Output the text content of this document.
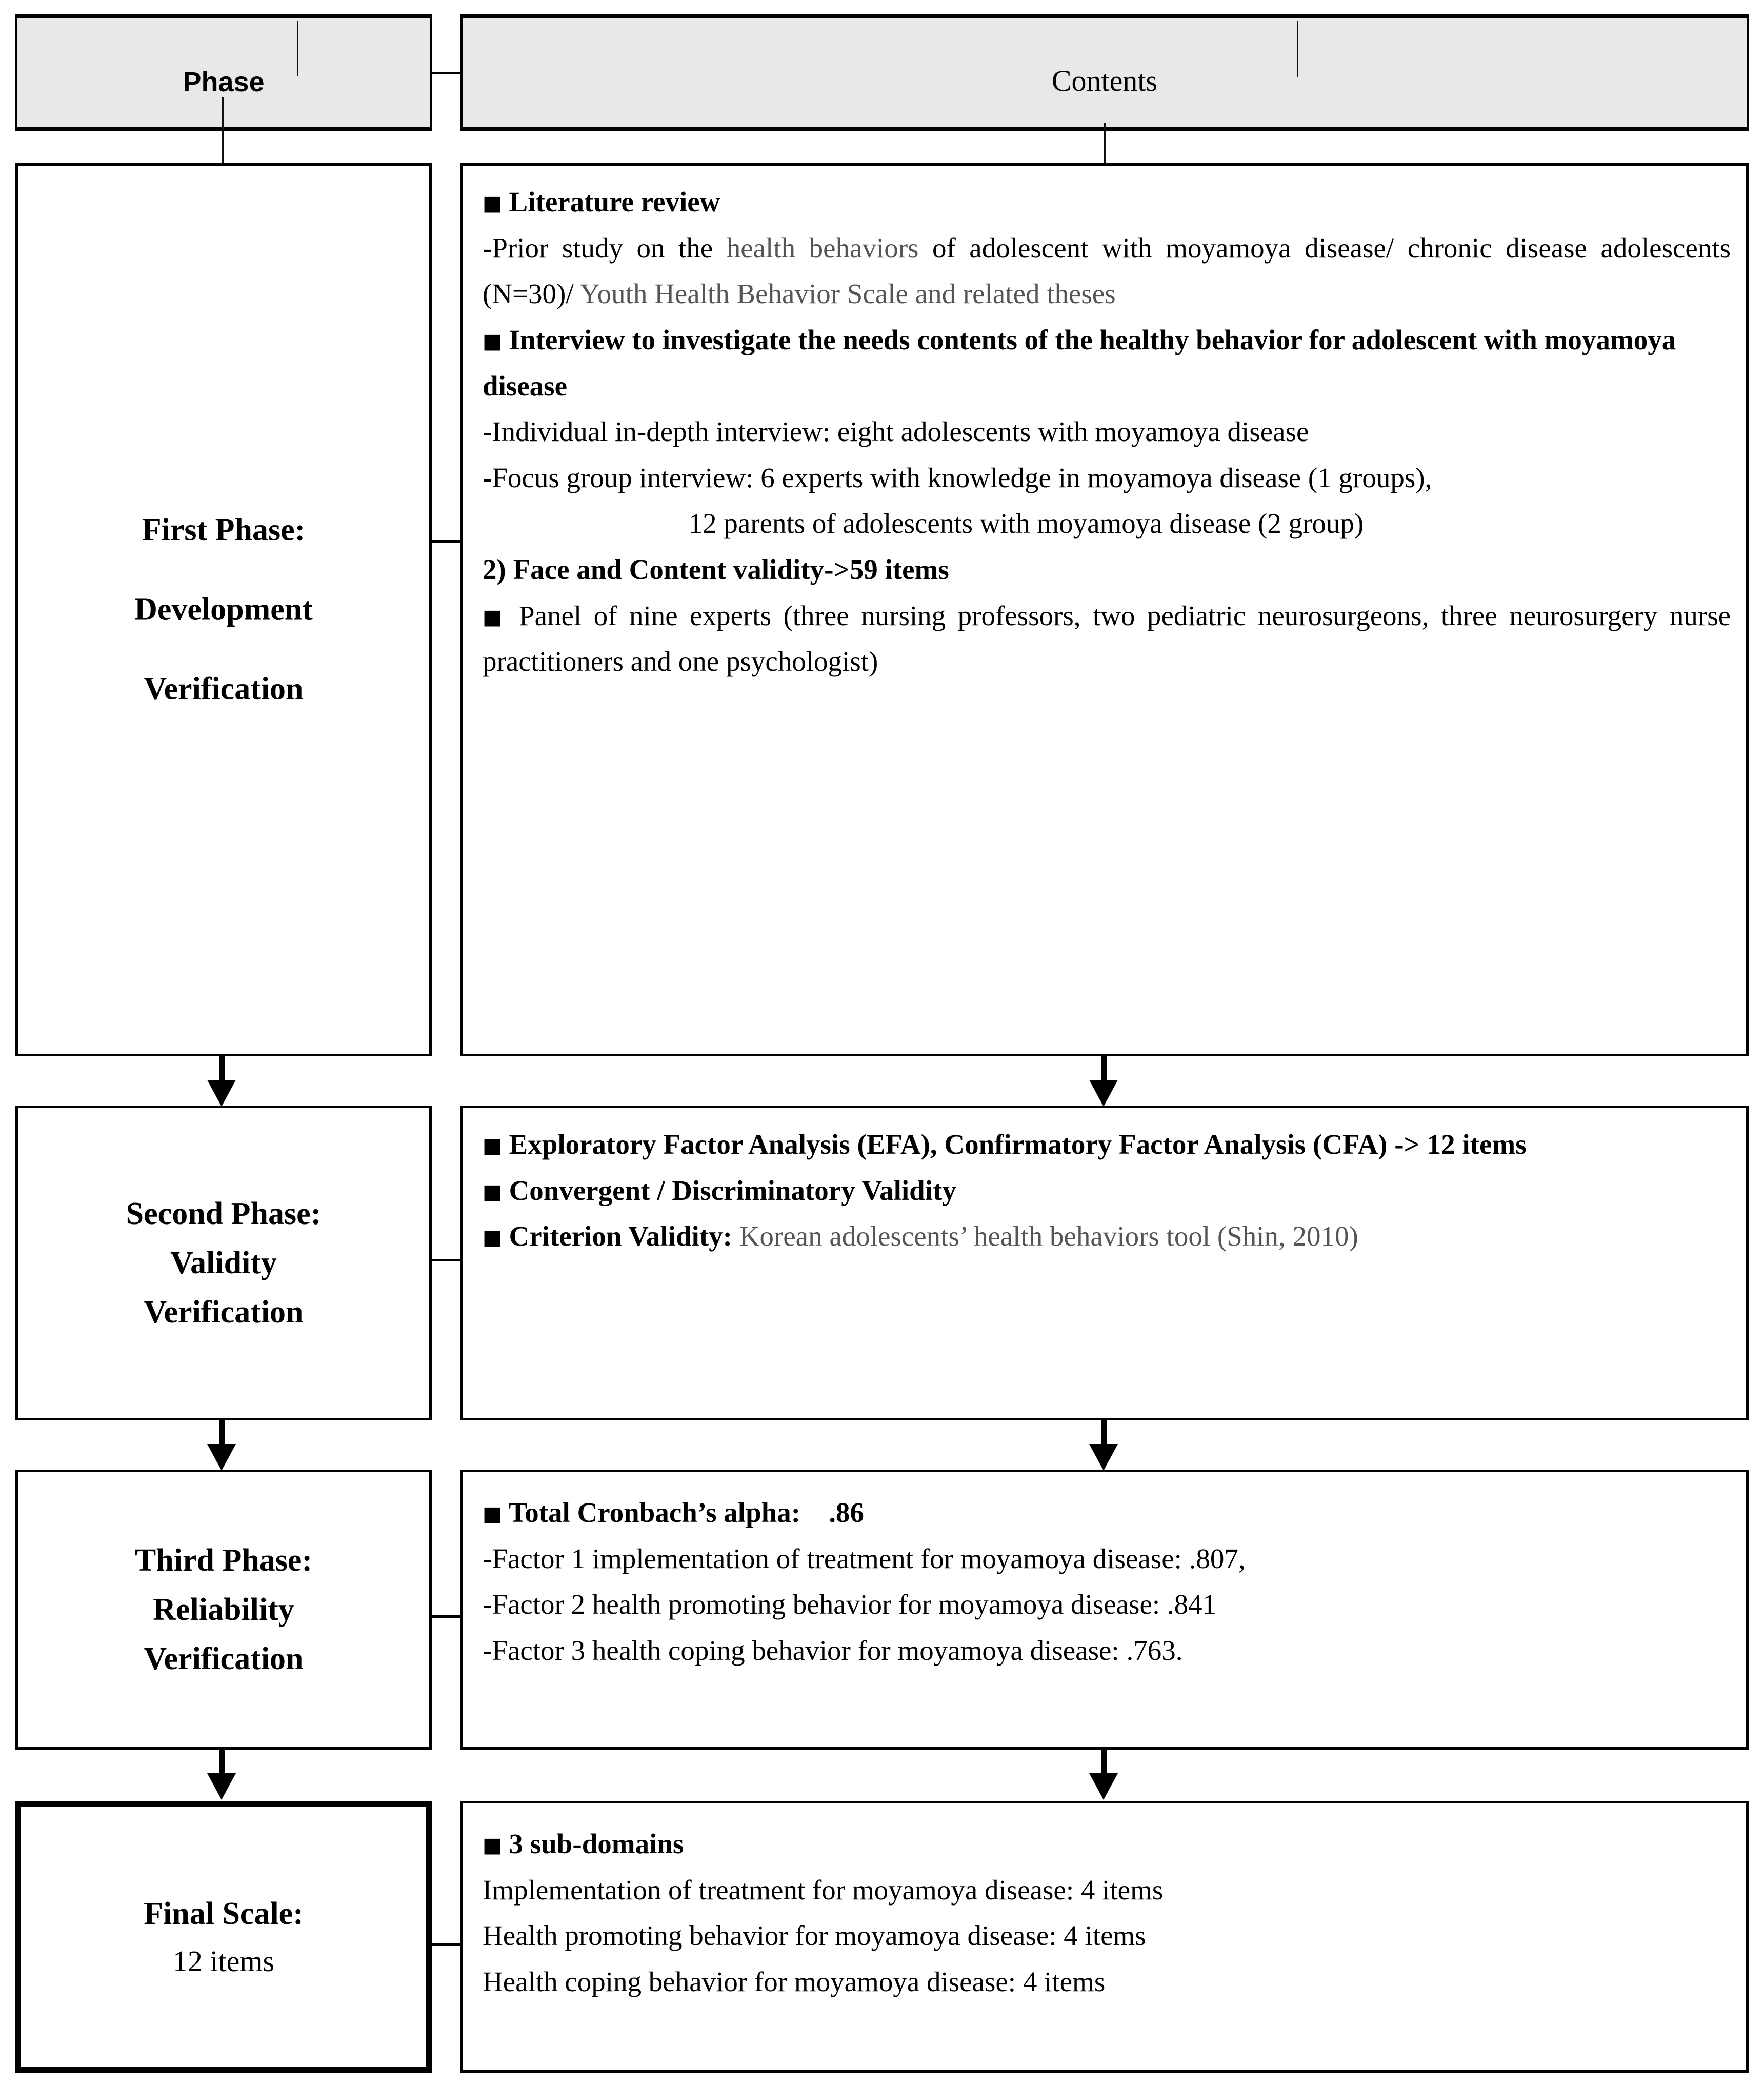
Phase	Contents
First Phase:
Development
Verification
■ Literature review
-Prior study on the health behaviors of adolescent with moyamoya disease/ chronic disease adolescents (N=30)/ Youth Health Behavior Scale and related theses
■ Interview to investigate the needs contents of the healthy behavior for adolescent with moyamoya disease
-Individual in-depth interview: eight adolescents with moyamoya disease
-Focus group interview: 6 experts with knowledge in moyamoya disease (1 groups),
12 parents of adolescents with moyamoya disease (2 group)
2) Face and Content validity->59 items
■ Panel of nine experts (three nursing professors, two pediatric neurosurgeons, three neurosurgery nurse practitioners and one psychologist)
Second Phase:
Validity
Verification
■ Exploratory Factor Analysis (EFA), Confirmatory Factor Analysis (CFA) -> 12 items
■ Convergent / Discriminatory Validity
■ Criterion Validity: Korean adolescents’ health behaviors tool (Shin, 2010)
Third Phase:
Reliability
Verification
■ Total Cronbach’s alpha:    .86
-Factor 1 implementation of treatment for moyamoya disease: .807,
-Factor 2 health promoting behavior for moyamoya disease: .841
-Factor 3 health coping behavior for moyamoya disease: .763.
Final Scale:
12 items
■ 3 sub-domains
Implementation of treatment for moyamoya disease: 4 items
Health promoting behavior for moyamoya disease: 4 items
Health coping behavior for moyamoya disease: 4 items
